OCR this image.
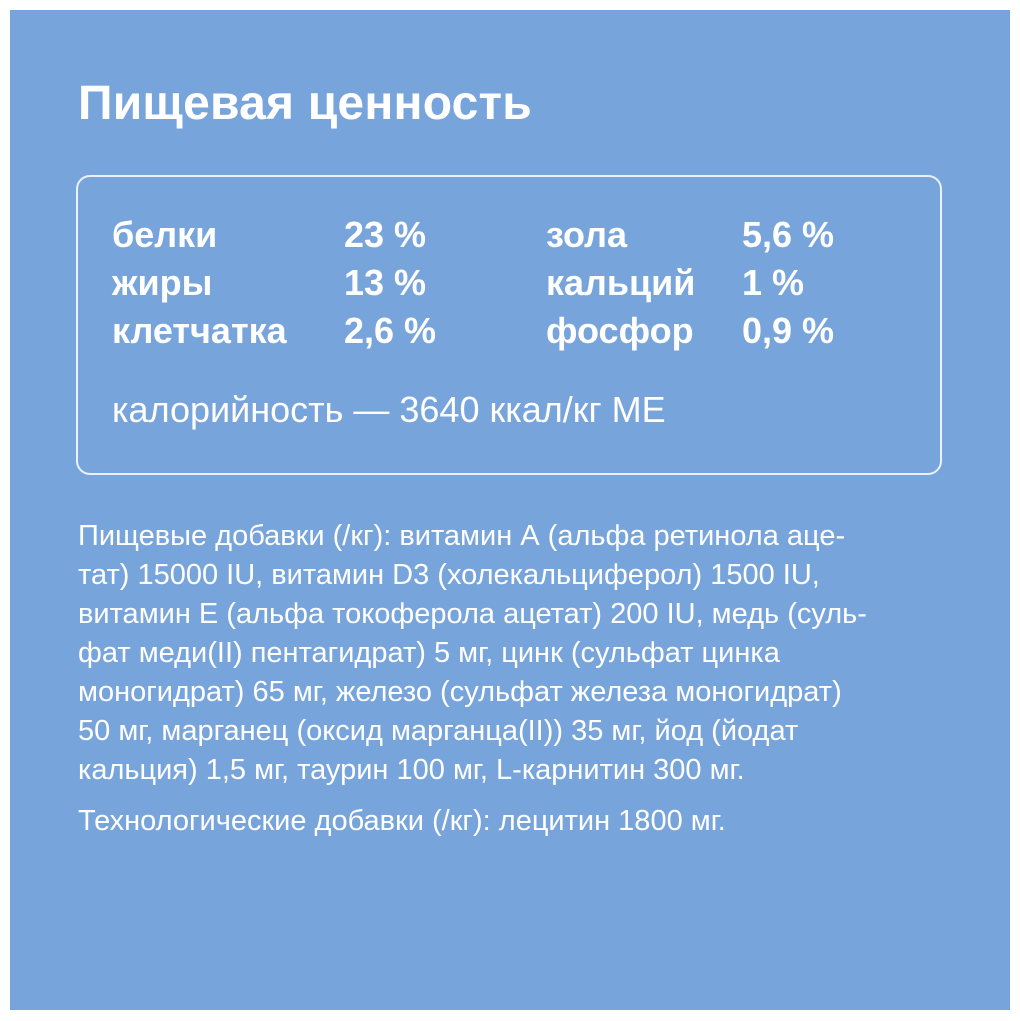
Пищевая ценность
белки	23 %	зола	5,6 %
жиры	13 %	кальций 1 %
клетчатка 2,6 %	фосфор 0,9 %
калорийность — 3640 ккал/кг ME

Пищевые добавки (/кг): витамин А (альфа ретинола аце-
тат) 15000 IU, витамин D3 (холекальциферол) 1500 IU,
витамин Е (альфа токоферола ацетат) 200 IU, медь (суль-
фат меди(II) пентагидрат) 5 мг, цинк (сульфат цинка
моногидрат) 65 мг, железо (сульфат железа моногидрат)
50 мг, марганец (оксид марганца(II)) 35 мг, йод (йодат
кальция) 1,5 мг, таурин 100 мг, L-карнитин 300 мг.

Технологические добавки (/кг): лецитин 1800 мг.
